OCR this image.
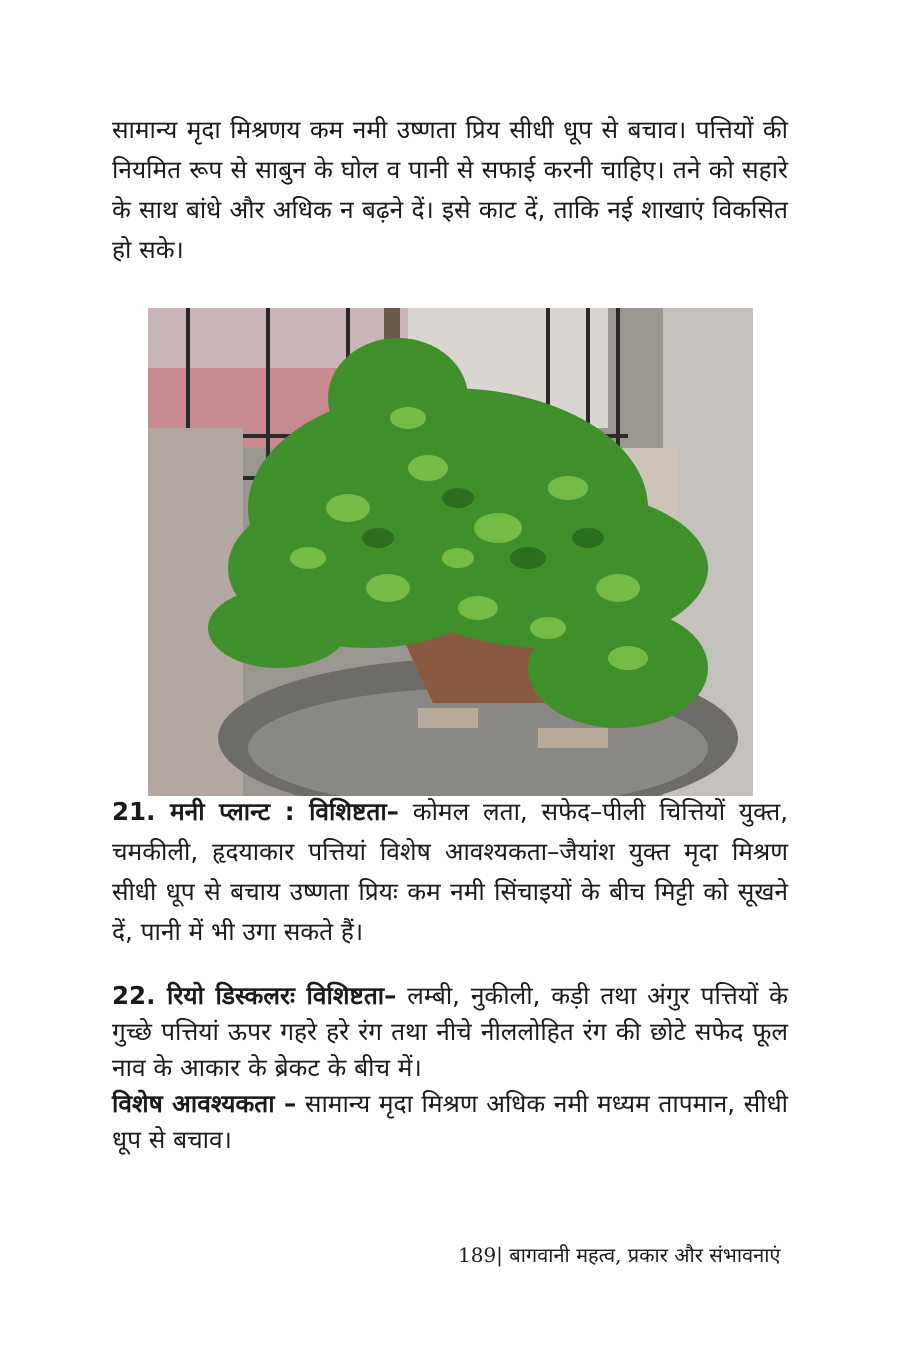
सामान्य मृदा मिश्रणय कम नमी उष्णता प्रिय सीधी धूप से बचाव। पत्तियों की नियमित रूप से साबुन के घोल व पानी से सफाई करनी चाहिए। तने को सहारे के साथ बांधे और अधिक न बढ़ने दें। इसे काट दें, ताकि नई शाखाएं विकसित हो सके।

21. मनी प्लान्ट : विशिष्टता– कोमल लता, सफेद–पीली चित्तियों युक्त, चमकीली, हृदयाकार पत्तियां विशेष आवश्यकता–जैयांश युक्त मृदा मिश्रण सीधी धूप से बचाय उष्णता प्रियः कम नमी सिंचाइयों के बीच मिट्टी को सूखने दें, पानी में भी उगा सकते हैं।

22. रियो डिस्कलरः विशिष्टता– लम्बी, नुकीली, कड़ी तथा अंगुर पत्तियों के गुच्छे पत्तियां ऊपर गहरे हरे रंग तथा नीचे नीललोहित रंग की छोटे सफेद फूल नाव के आकार के ब्रेकट के बीच में।
विशेष आवश्यकता – सामान्य मृदा मिश्रण अधिक नमी मध्यम तापमान, सीधी धूप से बचाव।

189| बागवानी महत्व, प्रकार और संभावनाएं
